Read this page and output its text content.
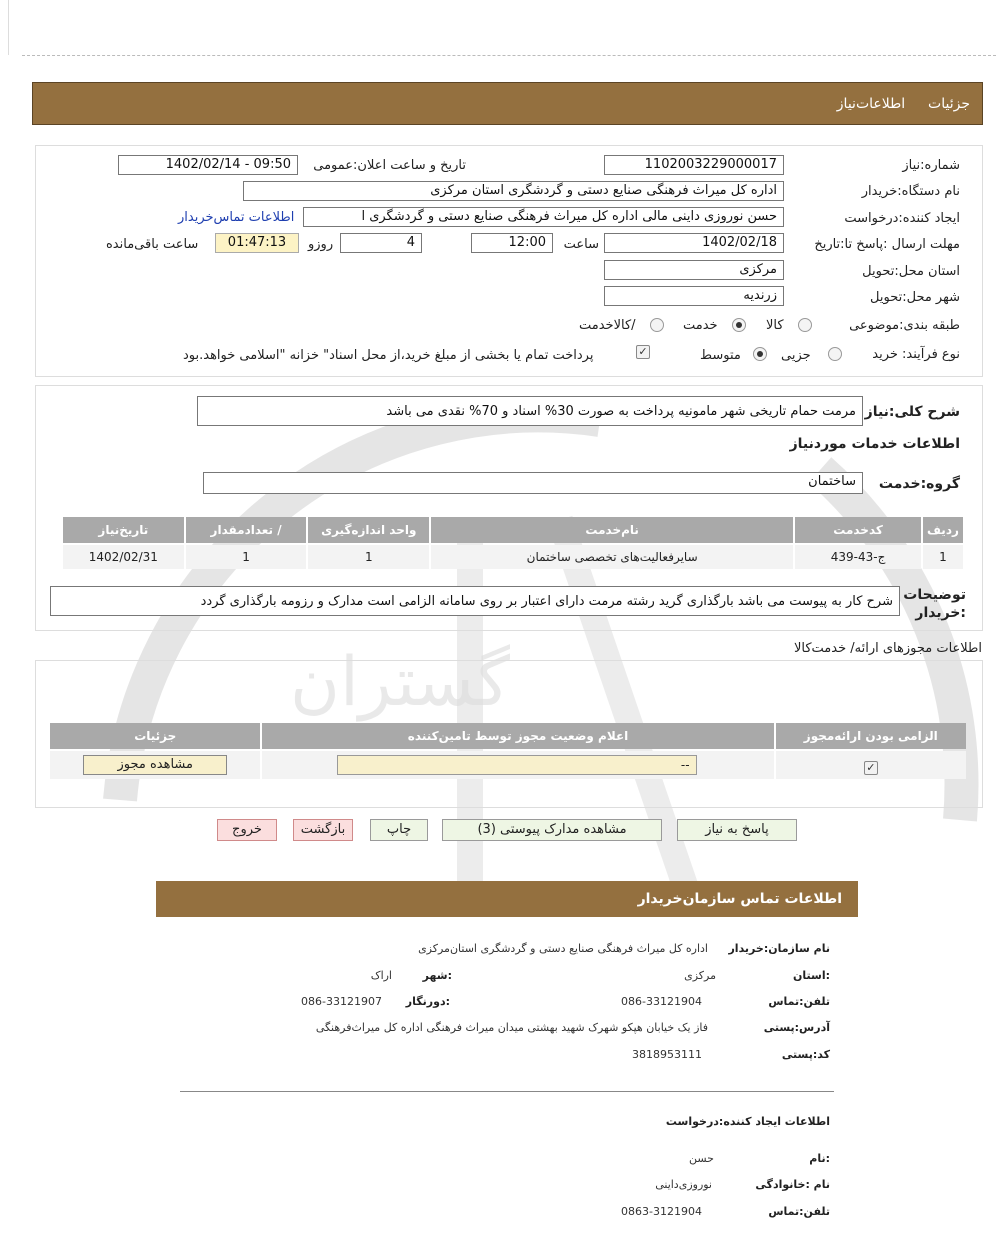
گستران
جزئیات  اطلاعات‌نیاز
شماره:نیاز
1102003229000017
تاریخ و ساعت اعلان:عمومی
1402/02/14 - 09:50
نام دستگاه:خریدار
اداره کل میراث فرهنگی صنایع دستی و گردشگری استان مرکزی
ایجاد کننده:درخواست
حسن نوروزی داینی مالی اداره کل میراث فرهنگی صنایع دستی و گردشگری ا
اطلاعات تماس‌خریدار
مهلت ارسال :پاسخ تا:تاریخ
1402/02/18
ساعت
12:00
4
روزو
01:47:13
ساعت باقی‌مانده
استان محل:تحویل
مرکزی
شهر محل:تحویل
زرندیه
طبقه بندی:موضوعی
کالا
خدمت
/کالاخدمت
نوع فرآیند: خرید
جزیی
متوسط
✓
پرداخت تمام یا بخشی از مبلغ خرید،از محل اسناد" خزانه "اسلامی خواهد.بود
شرح کلی:نیاز
مرمت حمام تاریخی شهر مامونیه پرداخت به صورت 30% اسناد و 70% نقدی می باشد
اطلاعات خدمات موردنیاز
گروه:خدمت
ساختمان
ردیف	کدخدمت	نام‌خدمت	واحد اندازه‌گیری	/ تعدادمقدار	تاریخ‌نیاز
1	ج-43-439	سایرفعالیت‌های تخصصی ساختمان	1	1	1402/02/31
توضیحات :خریدار
شرح کار به پیوست می باشد بارگذاری گرید رشته مرمت دارای اعتبار بر روی سامانه الزامی است مدارک و رزومه بارگذاری گردد
اطلاعات مجوزهای ارائه/ خدمت‌کالا
الزامی بودن ارائه‌مجوز	اعلام وضعیت مجوز توسط تامین‌کننده	جزئیات
✓	--	مشاهده مجوز
پاسخ به نیاز
مشاهده مدارک پیوستی (3)
چاپ
بازگشت
خروج
اطلاعات تماس سازمان‌خریدار
نام سازمان:خریدار
اداره کل میراث فرهنگی صنایع دستی و گردشگری استان‌مرکزی
:استان
مرکزی
:شهر
اراک
تلفن:تماس
086-33121904
:دورنگار
086-33121907
آدرس:پستی
فاز یک خیابان هپکو شهرک شهید بهشتی میدان میراث فرهنگی اداره کل میراث‌فرهنگی
کد:پستی
3818953111
اطلاعات ایجاد کننده:درخواست
:نام
حسن
نام :خانوادگی
نوروزی‌داینی
تلفن:تماس
0863-3121904
